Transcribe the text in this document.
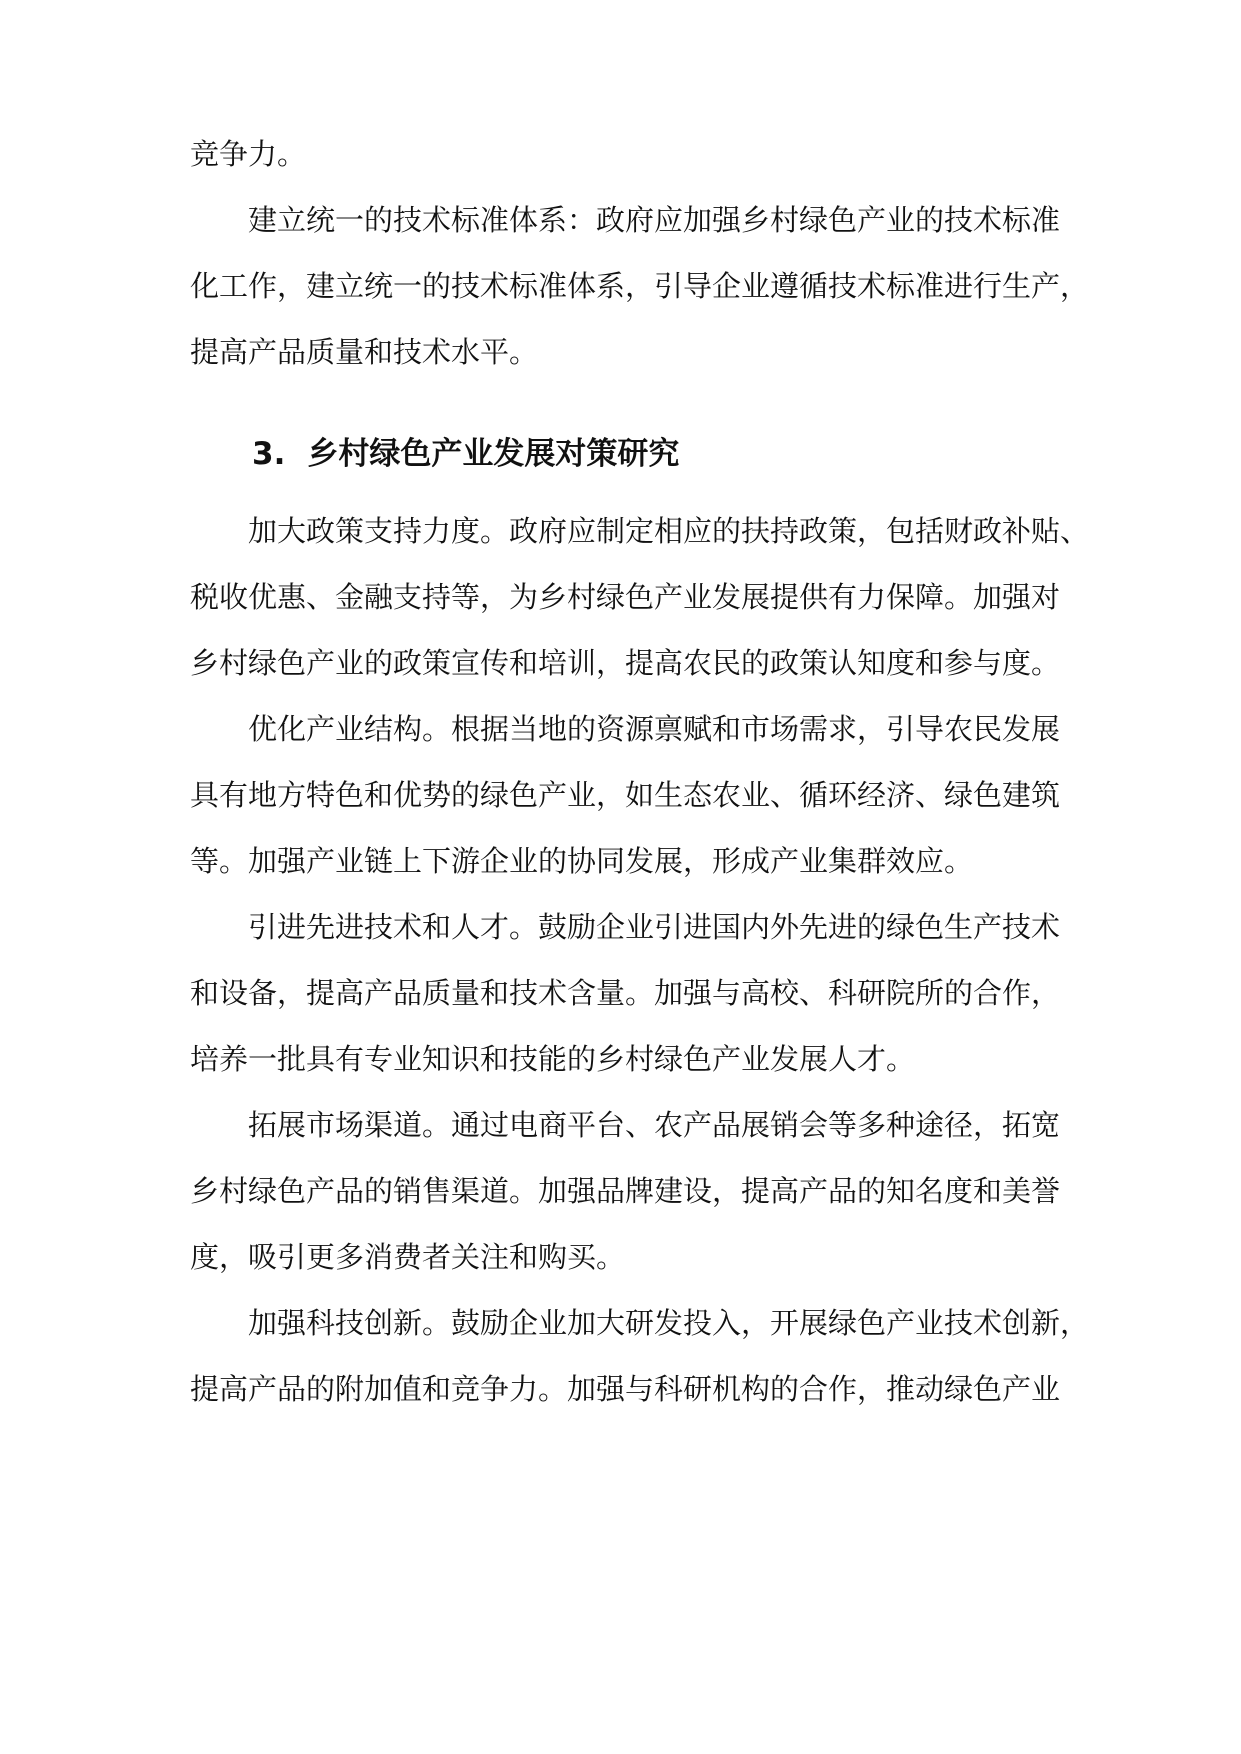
竞争力。
建立统一的技术标准体系：政府应加强乡村绿色产业的技术标准
化工作，建立统一的技术标准体系，引导企业遵循技术标准进行生产，
提高产品质量和技术水平。
3. 乡村绿色产业发展对策研究
加大政策支持力度。政府应制定相应的扶持政策，包括财政补贴、
税收优惠、金融支持等，为乡村绿色产业发展提供有力保障。加强对
乡村绿色产业的政策宣传和培训，提高农民的政策认知度和参与度。
优化产业结构。根据当地的资源禀赋和市场需求，引导农民发展
具有地方特色和优势的绿色产业，如生态农业、循环经济、绿色建筑
等。加强产业链上下游企业的协同发展，形成产业集群效应。
引进先进技术和人才。鼓励企业引进国内外先进的绿色生产技术
和设备，提高产品质量和技术含量。加强与高校、科研院所的合作，
培养一批具有专业知识和技能的乡村绿色产业发展人才。
拓展市场渠道。通过电商平台、农产品展销会等多种途径，拓宽
乡村绿色产品的销售渠道。加强品牌建设，提高产品的知名度和美誉
度，吸引更多消费者关注和购买。
加强科技创新。鼓励企业加大研发投入，开展绿色产业技术创新，
提高产品的附加值和竞争力。加强与科研机构的合作，推动绿色产业
